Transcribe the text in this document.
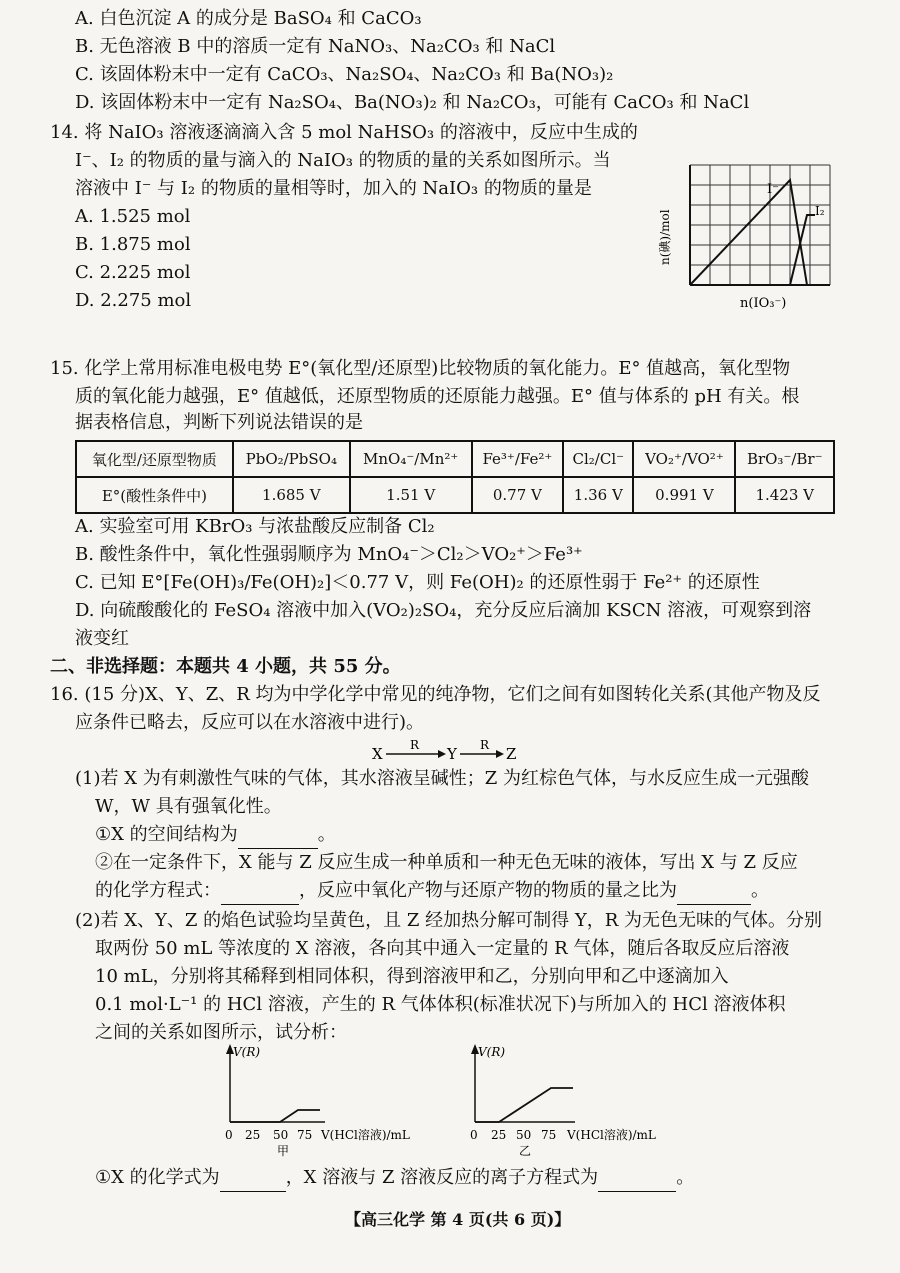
A. 白色沉淀 A 的成分是 BaSO₄ 和 CaCO₃
B. 无色溶液 B 中的溶质一定有 NaNO₃、Na₂CO₃ 和 NaCl
C. 该固体粉末中一定有 CaCO₃、Na₂SO₄、Na₂CO₃ 和 Ba(NO₃)₂
D. 该固体粉末中一定有 Na₂SO₄、Ba(NO₃)₂ 和 Na₂CO₃，可能有 CaCO₃ 和 NaCl
14. 将 NaIO₃ 溶液逐滴滴入含 5 mol NaHSO₃ 的溶液中，反应中生成的
I⁻、I₂ 的物质的量与滴入的 NaIO₃ 的物质的量的关系如图所示。当
溶液中 I⁻ 与 I₂ 的物质的量相等时，加入的 NaIO₃ 的物质的量是
A. 1.525 mol
B. 1.875 mol
C. 2.225 mol
D. 2.275 mol
I⁻
I₂
n(碘)/mol
n(IO₃⁻)
15. 化学上常用标准电极电势 E°(氧化型/还原型)比较物质的氧化能力。E° 值越高，氧化型物
质的氧化能力越强，E° 值越低，还原型物质的还原能力越强。E° 值与体系的 pH 有关。根
据表格信息，判断下列说法错误的是
氧化型/还原型物质	PbO₂/PbSO₄	MnO₄⁻/Mn²⁺	Fe³⁺/Fe²⁺	Cl₂/Cl⁻	VO₂⁺/VO²⁺	BrO₃⁻/Br⁻
E°(酸性条件中)	1.685 V	1.51 V	0.77 V	1.36 V	0.991 V	1.423 V
A. 实验室可用 KBrO₃ 与浓盐酸反应制备 Cl₂
B. 酸性条件中，氧化性强弱顺序为 MnO₄⁻＞Cl₂＞VO₂⁺＞Fe³⁺
C. 已知 E°[Fe(OH)₃/Fe(OH)₂]＜0.77 V，则 Fe(OH)₂ 的还原性弱于 Fe²⁺ 的还原性
D. 向硫酸酸化的 FeSO₄ 溶液中加入(VO₂)₂SO₄，充分反应后滴加 KSCN 溶液，可观察到溶
液变红
二、非选择题：本题共 4 小题，共 55 分。
16. (15 分)X、Y、Z、R 均为中学化学中常见的纯净物，它们之间有如图转化关系(其他产物及反
应条件已略去，反应可以在水溶液中进行)。
X R Y R Z
(1)若 X 为有刺激性气味的气体，其水溶液呈碱性；Z 为红棕色气体，与水反应生成一元强酸
W，W 具有强氧化性。
①X 的空间结构为	。
②在一定条件下，X 能与 Z 反应生成一种单质和一种无色无味的液体，写出 X 与 Z 反应
的化学方程式：	，反应中氧化产物与还原产物的物质的量之比为	。
(2)若 X、Y、Z 的焰色试验均呈黄色，且 Z 经加热分解可制得 Y，R 为无色无味的气体。分别
取两份 50 mL 等浓度的 X 溶液，各向其中通入一定量的 R 气体，随后各取反应后溶液
10 mL，分别将其稀释到相同体积，得到溶液甲和乙，分别向甲和乙中逐滴加入
0.1 mol·L⁻¹ 的 HCl 溶液，产生的 R 气体体积(标准状况下)与所加入的 HCl 溶液体积
之间的关系如图所示，试分析：
V(R)
0 25 50 75 V(HCl溶液)/mL
甲
V(R)
0 25 50 75 V(HCl溶液)/mL
乙
①X 的化学式为	，X 溶液与 Z 溶液反应的离子方程式为	。
【高三化学 第 4 页(共 6 页)】
